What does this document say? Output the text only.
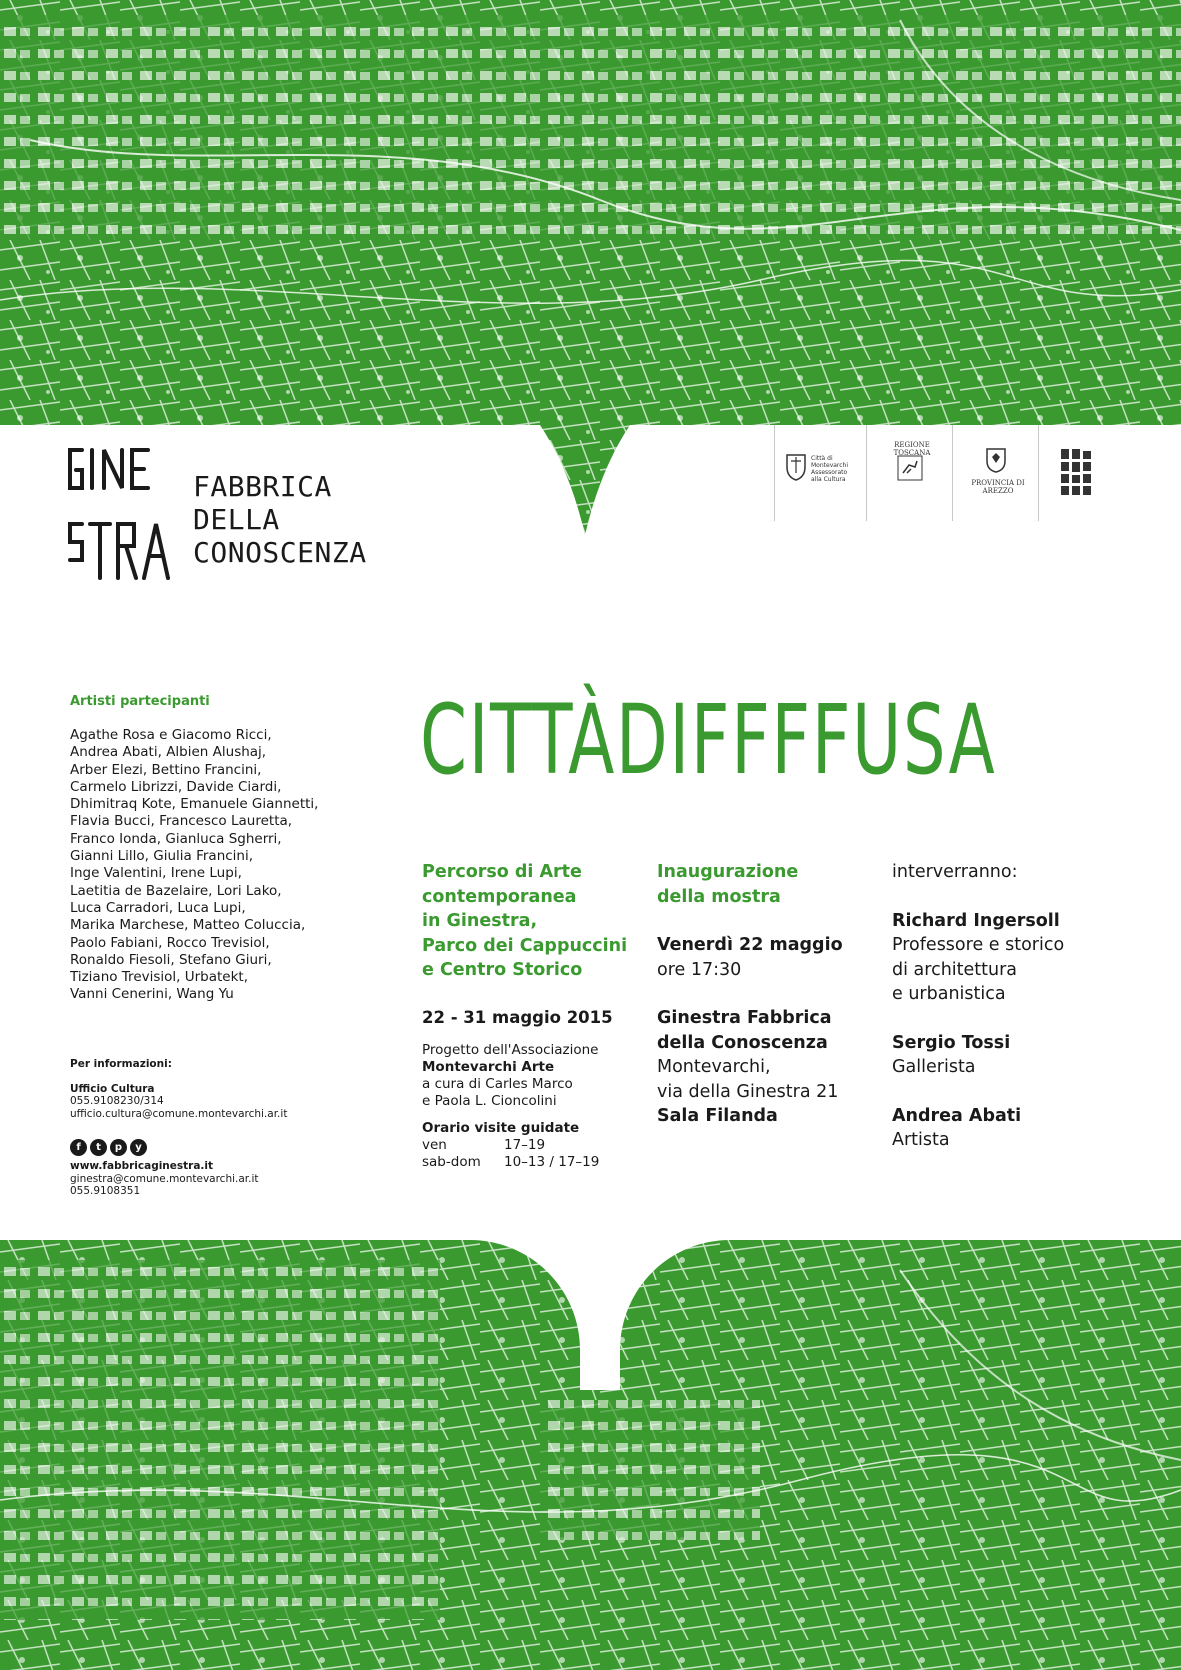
FABBRICA
DELLA
CONOSCENZA
Città di Montevarchi Assessorato alla Cultura
REGIONE TOSCANA
PROVINCIA DI AREZZO
Artisti partecipanti
Agathe Rosa e Giacomo Ricci,
Andrea Abati, Albien Alushaj,
Arber Elezi, Bettino Francini,
Carmelo Librizzi, Davide Ciardi,
Dhimitraq Kote, Emanuele Giannetti,
Flavia Bucci, Francesco Lauretta,
Franco Ionda, Gianluca Sgherri,
Gianni Lillo, Giulia Francini,
Inge Valentini, Irene Lupi,
Laetitia de Bazelaire, Lori Lako,
Luca Carradori, Luca Lupi,
Marika Marchese, Matteo Coluccia,
Paolo Fabiani, Rocco Trevisiol,
Ronaldo Fiesoli, Stefano Giuri,
Tiziano Trevisiol, Urbatekt,
Vanni Cenerini, Wang Yu
Per informazioni:
Ufficio Cultura
055.9108230/314
ufficio.cultura@comune.montevarchi.ar.it
f t p y
www.fabbricaginestra.it
ginestra@comune.montevarchi.ar.it
055.9108351
CITTÀDIFFFFUSA
Percorso di Arte
contemporanea
in Ginestra,
Parco dei Cappuccini
e Centro Storico
22 - 31 maggio 2015
Progetto dell'Associazione
Montevarchi Arte
a cura di Carles Marco
e Paola L. Cioncolini
Orario visite guidate
ven	17–19
sab-dom	10–13 / 17–19
Inaugurazione
della mostra
Venerdì 22 maggio
ore 17:30
Ginestra Fabbrica
della Conoscenza
Montevarchi,
via della Ginestra 21
Sala Filanda
interverranno:
Richard Ingersoll
Professore e storico
di architettura
e urbanistica
Sergio Tossi
Gallerista
Andrea Abati
Artista
